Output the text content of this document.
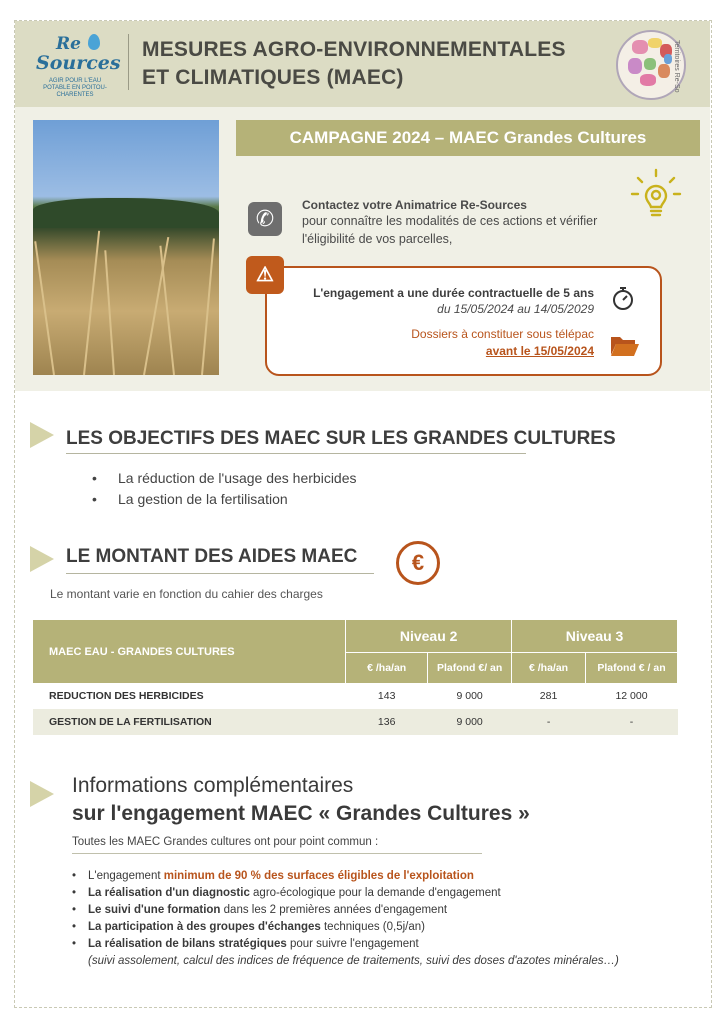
Re
Sources
AGIR POUR L'EAU POTABLE EN POITOU-CHARENTES
MESURES AGRO-ENVIRONNEMENTALES
ET CLIMATIQUES (MAEC)	Territoires Re-So
CAMPAGNE 2024 – MAEC Grandes Cultures
✆
Contactez votre Animatrice Re-Sources
pour connaître les modalités de ces actions et vérifier
l'éligibilité de vos parcelles,
⚠
L'engagement a une durée contractuelle de 5 ans
du 15/05/2024 au 14/05/2029
Dossiers à constituer sous télépac
avant le 15/05/2024
LES OBJECTIFS DES MAEC SUR LES GRANDES CULTURES
• La réduction de l'usage des herbicides
• La gestion de la fertilisation
LE MONTANT DES AIDES MAEC	€
Le montant varie en fonction du cahier des charges
MAEC EAU - GRANDES CULTURES	Niveau 2		Niveau 3	
	€ /ha/an	Plafond €/ an	€ /ha/an	Plafond € / an
REDUCTION DES HERBICIDES	143	9 000	281	12 000
GESTION DE LA FERTILISATION	136	9 000	-	-
Informations complémentaires
sur l'engagement MAEC « Grandes Cultures »
Toutes les MAEC Grandes cultures ont pour point commun :
• L'engagement minimum de 90 % des surfaces éligibles de l'exploitation
• La réalisation d'un diagnostic agro-écologique pour la demande d'engagement
• Le suivi d'une formation dans les 2 premières années d'engagement
• La participation à des groupes d'échanges techniques (0,5j/an)
• La réalisation de bilans stratégiques pour suivre l'engagement
(suivi assolement, calcul des indices de fréquence de traitements, suivi des doses d'azotes minérales…)
